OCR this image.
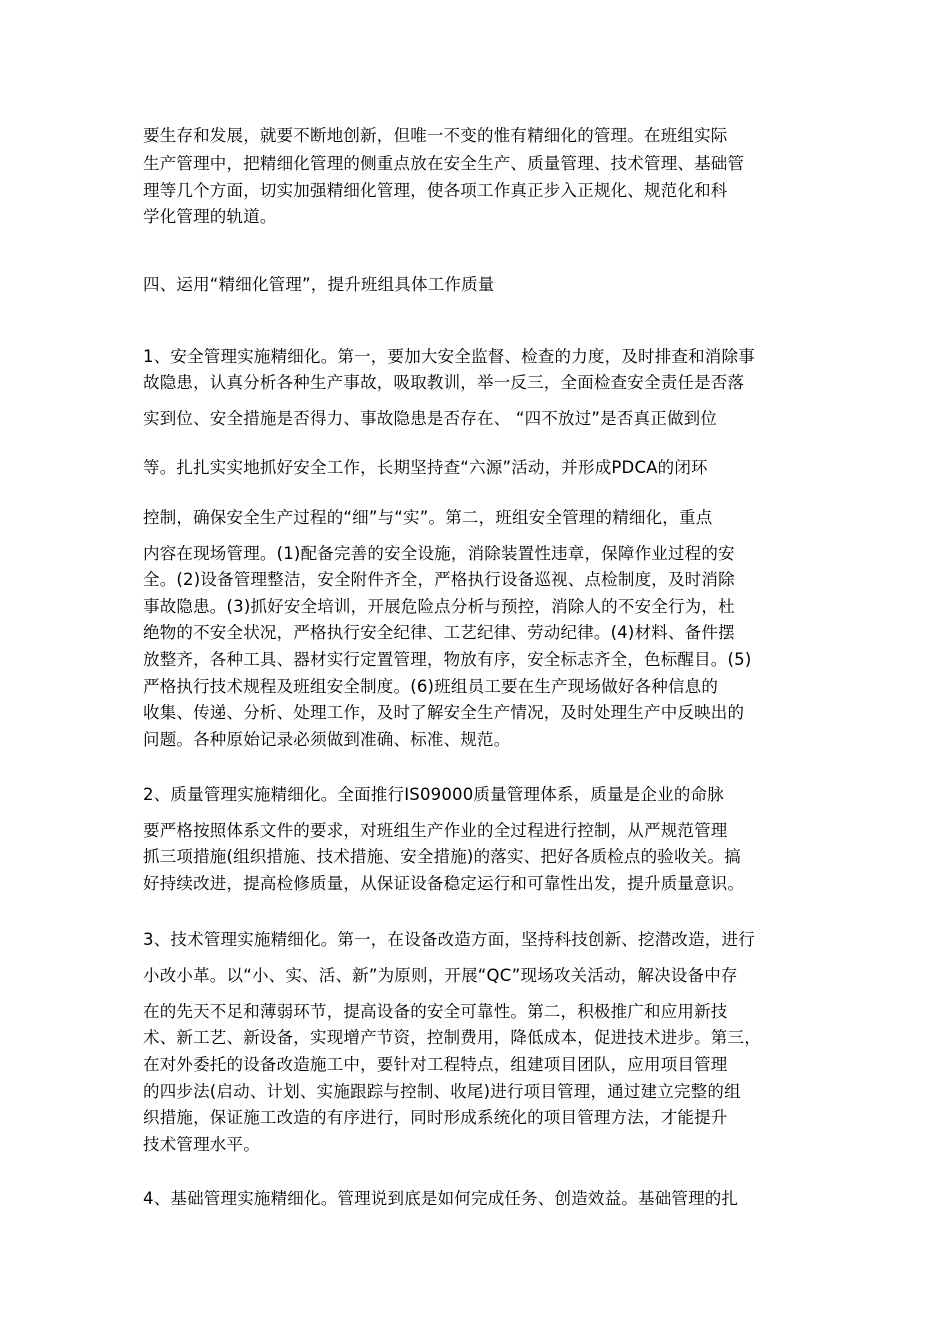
要生存和发展，就要不断地创新，但唯一不变的惟有精细化的管理。在班组实际

生产管理中，把精细化管理的侧重点放在安全生产、质量管理、技术管理、基础管

理等几个方面，切实加强精细化管理，使各项工作真正步入正规化、规范化和科

学化管理的轨道。

四、运用“精细化管理”，提升班组具体工作质量

1、安全管理实施精细化。第一，要加大安全监督、检查的力度，及时排查和消除事

故隐患，认真分析各种生产事故，吸取教训，举一反三，全面检查安全责任是否落

实到位、安全措施是否得力、事故隐患是否存在、 “四不放过”是否真正做到位

等。扎扎实实地抓好安全工作，长期坚持查“六源”活动，并形成PDCA的闭环

控制，确保安全生产过程的“细”与“实”。第二，班组安全管理的精细化，重点

内容在现场管理。(1)配备完善的安全设施，消除装置性违章，保障作业过程的安

全。(2)设备管理整洁，安全附件齐全，严格执行设备巡视、点检制度，及时消除

事故隐患。(3)抓好安全培训，开展危险点分析与预控，消除人的不安全行为，杜

绝物的不安全状况，严格执行安全纪律、工艺纪律、劳动纪律。(4)材料、备件摆

放整齐，各种工具、器材实行定置管理，物放有序，安全标志齐全，色标醒目。(5)

严格执行技术规程及班组安全制度。(6)班组员工要在生产现场做好各种信息的

收集、传递、分析、处理工作，及时了解安全生产情况，及时处理生产中反映出的

问题。各种原始记录必须做到准确、标准、规范。

2、质量管理实施精细化。全面推行IS09000质量管理体系，质量是企业的命脉

要严格按照体系文件的要求，对班组生产作业的全过程进行控制，从严规范管理

抓三项措施(组织措施、技术措施、安全措施)的落实、把好各质检点的验收关。搞

好持续改进，提高检修质量，从保证设备稳定运行和可靠性出发，提升质量意识。

3、技术管理实施精细化。第一，在设备改造方面，坚持科技创新、挖潜改造，进行

小改小革。以“小、实、活、新”为原则，开展“QC”现场攻关活动，解决设备中存

在的先天不足和薄弱环节，提高设备的安全可靠性。第二，积极推广和应用新技

术、新工艺、新设备，实现增产节资，控制费用，降低成本，促进技术进步。第三，

在对外委托的设备改造施工中，要针对工程特点，组建项目团队，应用项目管理

的四步法(启动、计划、实施跟踪与控制、收尾)进行项目管理，通过建立完整的组

织措施，保证施工改造的有序进行，同时形成系统化的项目管理方法，才能提升

技术管理水平。

4、基础管理实施精细化。管理说到底是如何完成任务、创造效益。基础管理的扎
